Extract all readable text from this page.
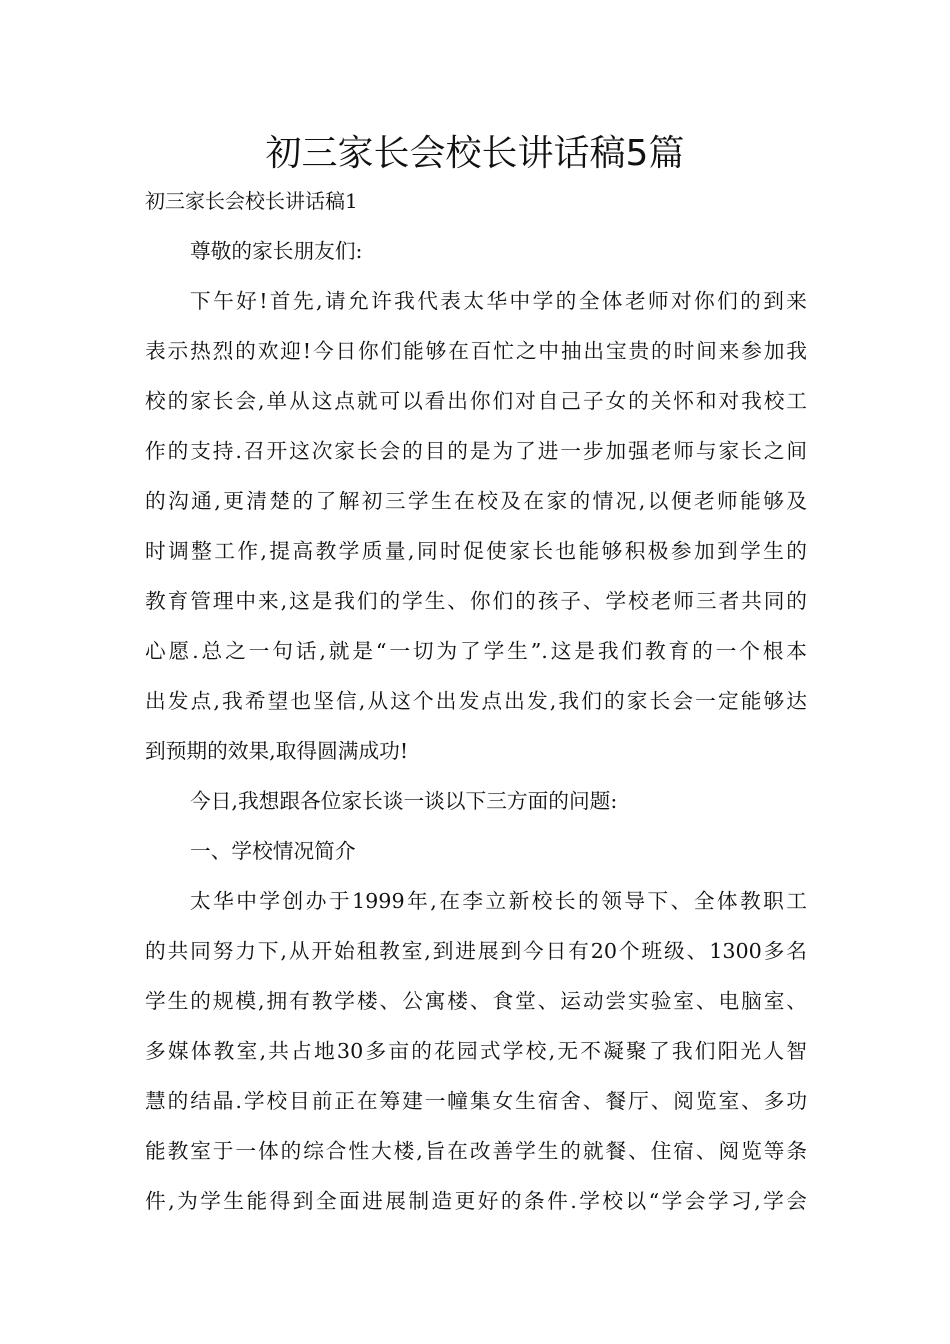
初三家长会校长讲话稿5篇
初三家长会校长讲话稿1
尊敬的家长朋友们:
下午好!首先,请允许我代表太华中学的全体老师对你们的到来
表示热烈的欢迎!今日你们能够在百忙之中抽出宝贵的时间来参加我
校的家长会,单从这点就可以看出你们对自己子女的关怀和对我校工
作的支持.召开这次家长会的目的是为了进一步加强老师与家长之间
的沟通,更清楚的了解初三学生在校及在家的情况,以便老师能够及
时调整工作,提高教学质量,同时促使家长也能够积极参加到学生的
教育管理中来,这是我们的学生、你们的孩子、学校老师三者共同的
心愿.总之一句话,就是“一切为了学生”.这是我们教育的一个根本
出发点,我希望也坚信,从这个出发点出发,我们的家长会一定能够达
到预期的效果,取得圆满成功!
今日,我想跟各位家长谈一谈以下三方面的问题:
一、学校情况简介
太华中学创办于1999年,在李立新校长的领导下、全体教职工
的共同努力下,从开始租教室,到进展到今日有20个班级、1300多名
学生的规模,拥有教学楼、公寓楼、食堂、运动尝实验室、电脑室、
多媒体教室,共占地30多亩的花园式学校,无不凝聚了我们阳光人智
慧的结晶.学校目前正在筹建一幢集女生宿舍、餐厅、阅览室、多功
能教室于一体的综合性大楼,旨在改善学生的就餐、住宿、阅览等条
件,为学生能得到全面进展制造更好的条件.学校以“学会学习,学会
